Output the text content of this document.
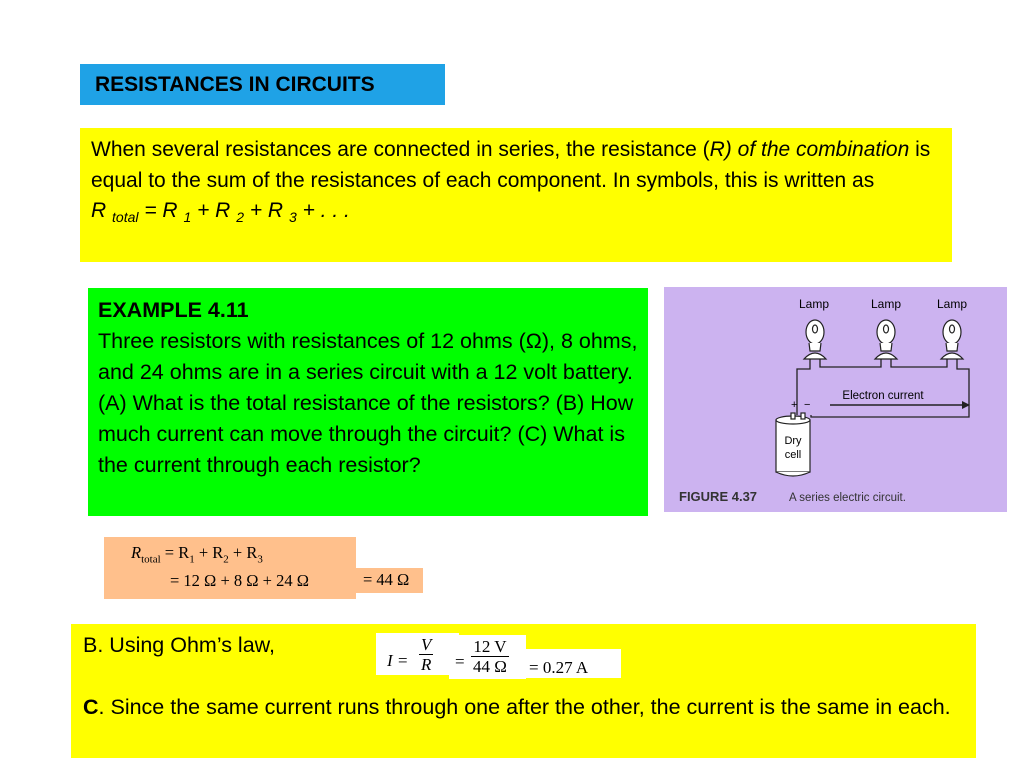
RESISTANCES IN CIRCUITS
When several resistances are connected in series, the resistance (R) of the combination is equal to the sum of the resistances of each component. In symbols, this is written as
R $_{total}$ = R $_1$ + R $_2$ + R $_3$ + . . .
EXAMPLE 4.11
Three resistors with resistances of 12 ohms (Ω), 8 ohms, and 24 ohms are in a series circuit with a 12 volt battery. (A) What is the total resistance of the resistors? (B) How much current can move through the circuit? (C) What is the current through each resistor?
Lamp	Lamp	Lamp
Electron current
+ −
Dry
cell
FIGURE 4.37	A series electric circuit.
$R_{total} = R_1 + R_2 + R_3$
= 12 Ω + 8 Ω + 24 Ω	= 44 Ω
B. Using Ohm’s law,
$I = \frac{V}{R} = \frac{12 V}{44 \Omega} = 0.27$ A
C. Since the same current runs through one after the other, the current is the same in each.
